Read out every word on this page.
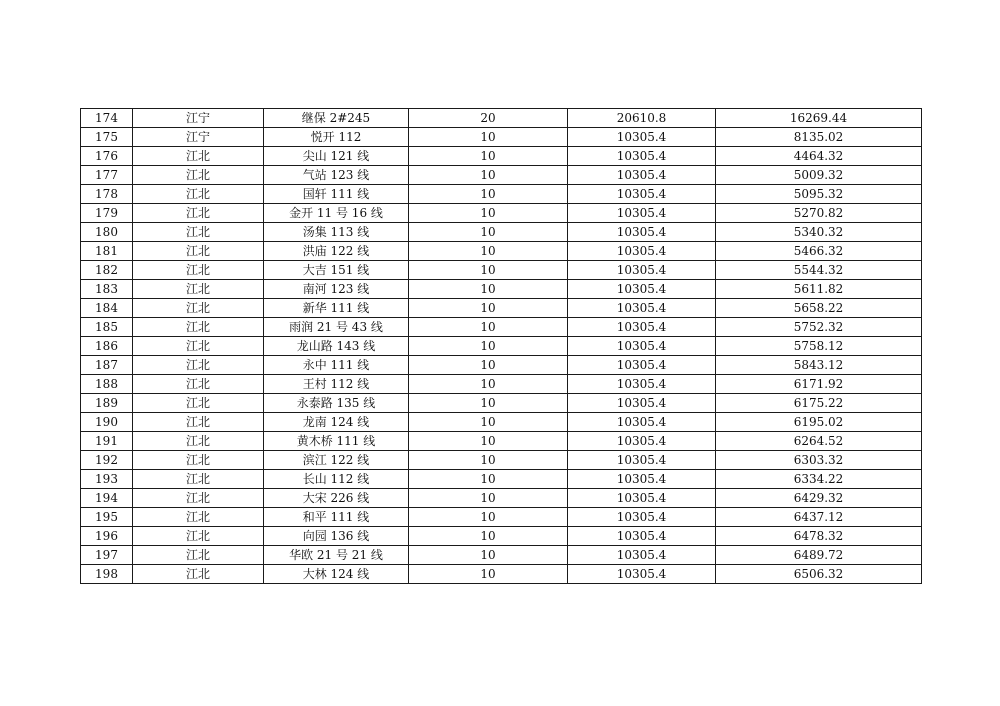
174	江宁	继保 2#245	20	20610.8	16269.44
175	江宁	悦开 112	10	10305.4	8135.02
176	江北	尖山 121 线	10	10305.4	4464.32
177	江北	气站 123 线	10	10305.4	5009.32
178	江北	国轩 111 线	10	10305.4	5095.32
179	江北	金开 11 号 16 线	10	10305.4	5270.82
180	江北	汤集 113 线	10	10305.4	5340.32
181	江北	洪庙 122 线	10	10305.4	5466.32
182	江北	大吉 151 线	10	10305.4	5544.32
183	江北	南河 123 线	10	10305.4	5611.82
184	江北	新华 111 线	10	10305.4	5658.22
185	江北	雨润 21 号 43 线	10	10305.4	5752.32
186	江北	龙山路 143 线	10	10305.4	5758.12
187	江北	永中 111 线	10	10305.4	5843.12
188	江北	王村 112 线	10	10305.4	6171.92
189	江北	永泰路 135 线	10	10305.4	6175.22
190	江北	龙南 124 线	10	10305.4	6195.02
191	江北	黄木桥 111 线	10	10305.4	6264.52
192	江北	滨江 122 线	10	10305.4	6303.32
193	江北	长山 112 线	10	10305.4	6334.22
194	江北	大宋 226 线	10	10305.4	6429.32
195	江北	和平 111 线	10	10305.4	6437.12
196	江北	向园 136 线	10	10305.4	6478.32
197	江北	华欧 21 号 21 线	10	10305.4	6489.72
198	江北	大林 124 线	10	10305.4	6506.32
